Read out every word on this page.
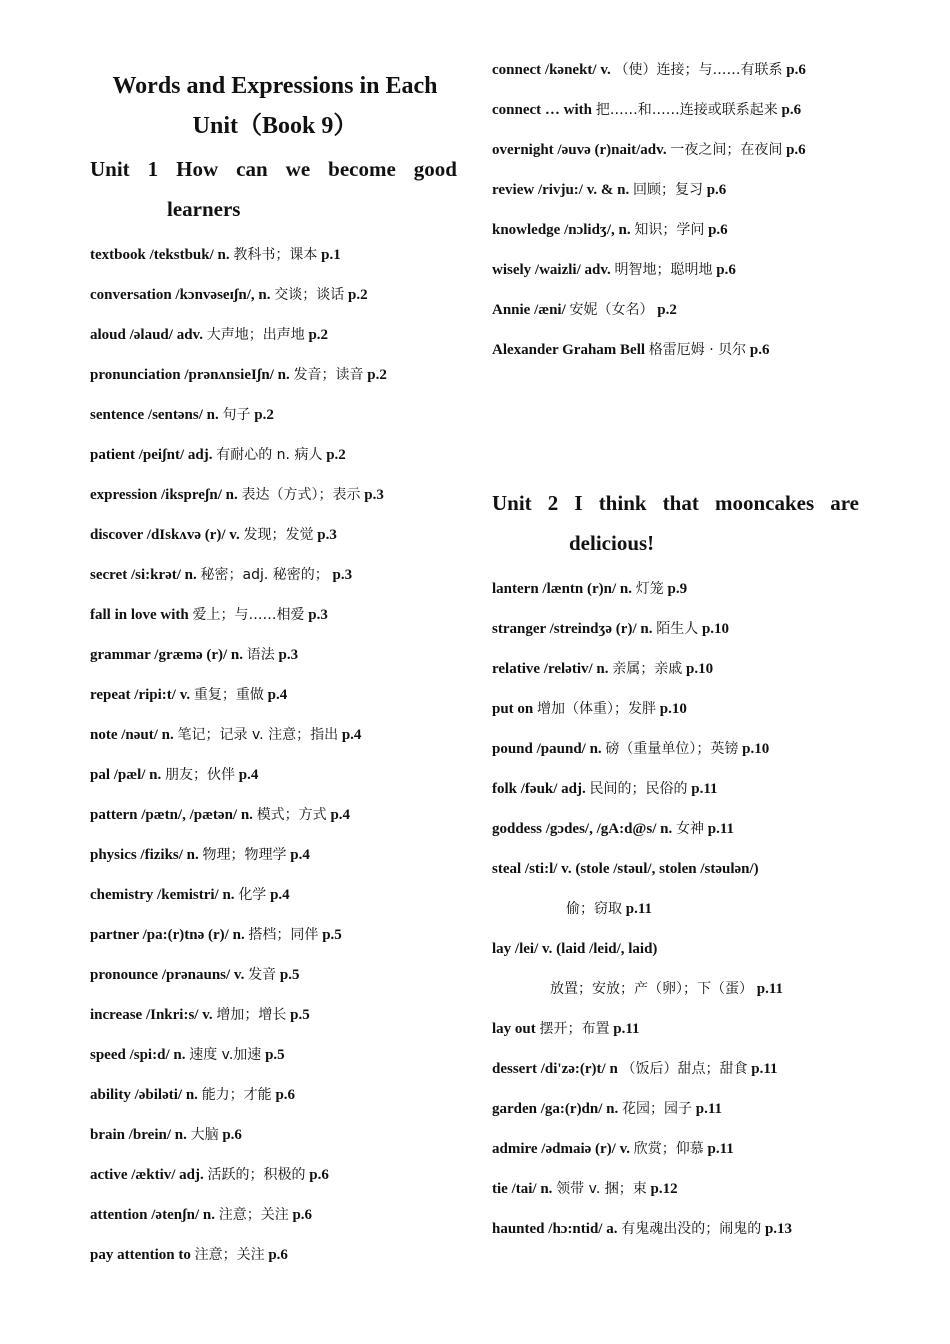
Words and Expressions in Each
Unit（Book 9）
Unit 1 How can we become good
learners
Unit 2 I think that mooncakes are
delicious!
textbook /tekstbuk/ n. 教科书；课本 p.1
conversation /kɔnvəseɪʃn/, n. 交谈；谈话 p.2
aloud /əlaud/ adv. 大声地；出声地 p.2
pronunciation /prənʌnsieIʃn/ n. 发音；读音 p.2
sentence /sentəns/ n. 句子 p.2
patient /peiʃnt/ adj. 有耐心的 n. 病人 p.2
expression /ikspreʃn/ n. 表达（方式）；表示 p.3
discover /dIskʌvə (r)/ v. 发现；发觉 p.3
secret /si:krət/ n. 秘密；adj. 秘密的； p.3
fall in love with 爱上；与……相爱 p.3
grammar /græmə (r)/ n. 语法 p.3
repeat /ripi:t/ v. 重复；重做 p.4
note /nəut/ n. 笔记；记录 v. 注意；指出 p.4
pal /pæl/ n. 朋友；伙伴 p.4
pattern /pætn/, /pætən/ n. 模式；方式 p.4
physics /fiziks/ n. 物理；物理学 p.4
chemistry /kemistri/ n. 化学 p.4
partner /pa:(r)tnə (r)/ n. 搭档；同伴 p.5
pronounce /prənauns/ v. 发音 p.5
increase /Inkri:s/ v. 增加；增长 p.5
speed /spi:d/ n. 速度 v.加速 p.5
ability /əbiləti/ n. 能力；才能 p.6
brain /brein/ n. 大脑 p.6
active /æktiv/ adj. 活跃的；积极的 p.6
attention /ətenʃn/ n. 注意；关注 p.6
pay attention to 注意；关注 p.6
connect /kənekt/ v. （使）连接；与……有联系 p.6
connect … with 把……和……连接或联系起来 p.6
overnight /əuvə (r)nait/adv. 一夜之间；在夜间 p.6
review /rivju:/ v. & n. 回顾；复习 p.6
knowledge /nɔlidʒ/, n. 知识；学问 p.6
wisely /waizli/ adv. 明智地；聪明地 p.6
Annie /æni/ 安妮（女名） p.2
Alexander Graham Bell 格雷厄姆 · 贝尔 p.6
lantern /læntn (r)n/ n. 灯笼 p.9
stranger /streindʒə (r)/ n. 陌生人 p.10
relative /relətiv/ n. 亲属；亲戚 p.10
put on 增加（体重）；发胖 p.10
pound /paund/ n. 磅（重量单位）；英镑 p.10
folk /fəuk/ adj. 民间的；民俗的 p.11
goddess /gɔdes/, /gA:d@s/ n. 女神 p.11
steal /sti:l/ v. (stole /stəul/, stolen /stəulən/)
偷；窃取 p.11
lay /lei/ v. (laid /leid/, laid)
放置；安放；产（卵）；下（蛋） p.11
lay out 摆开；布置 p.11
dessert /di'zə:(r)t/ n （饭后）甜点；甜食 p.11
garden /ga:(r)dn/ n. 花园；园子 p.11
admire /ədmaiə (r)/ v. 欣赏；仰慕 p.11
tie /tai/ n. 领带 v. 捆；束 p.12
haunted /hɔ:ntid/ a. 有鬼魂出没的；闹鬼的 p.13
